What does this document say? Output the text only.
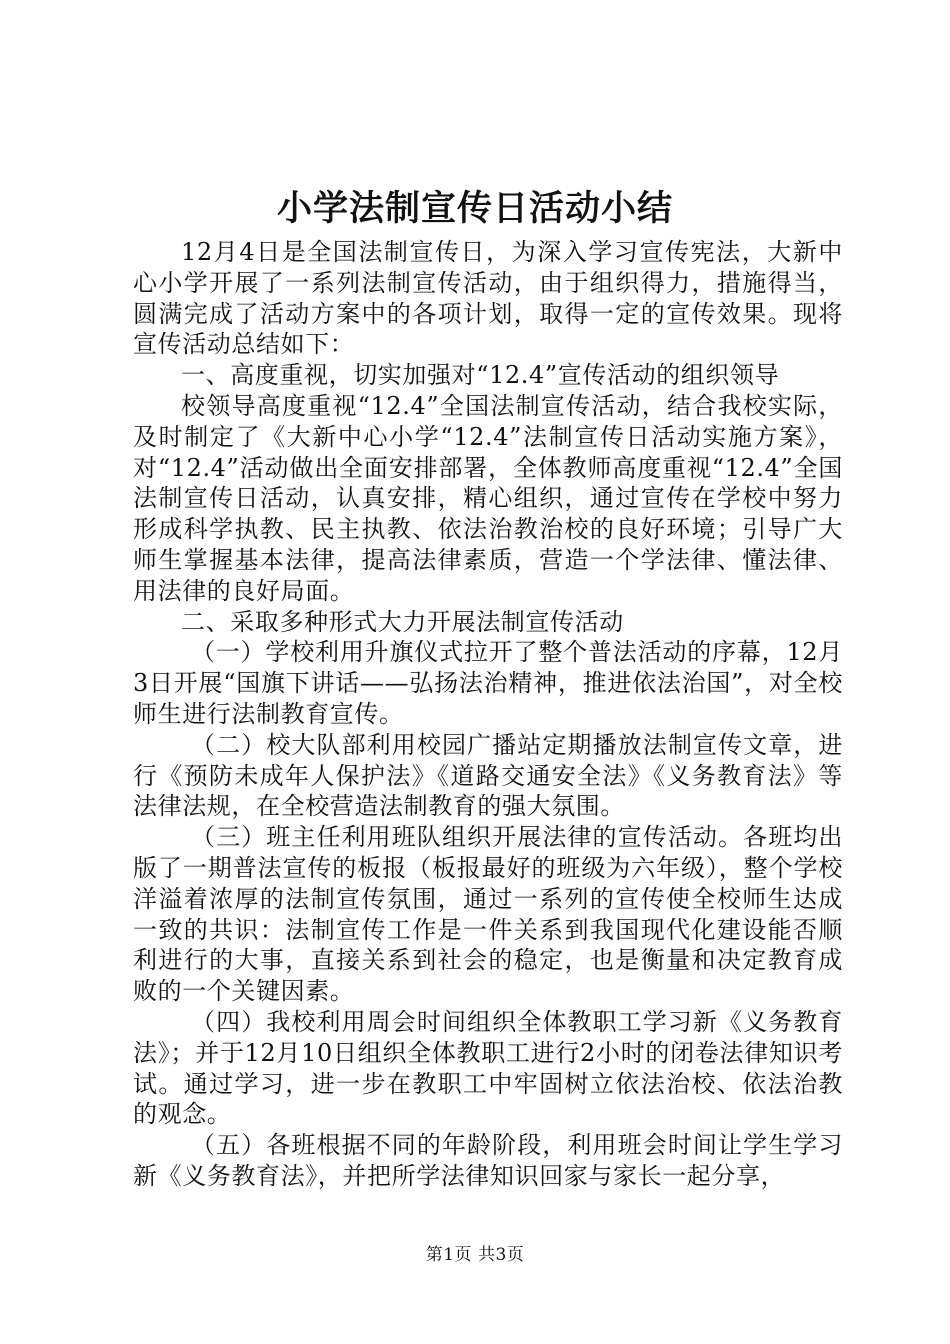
小学法制宣传日活动小结

12月4日是全国法制宣传日，为深入学习宣传宪法，大新中心小学开展了一系列法制宣传活动，由于组织得力，措施得当，圆满完成了活动方案中的各项计划，取得一定的宣传效果。现将宣传活动总结如下：

一、高度重视，切实加强对“12.4”宣传活动的组织领导

校领导高度重视“12.4”全国法制宣传活动，结合我校实际，及时制定了《大新中心小学“12.4”法制宣传日活动实施方案》，对“12.4”活动做出全面安排部署，全体教师高度重视“12.4”全国法制宣传日活动，认真安排，精心组织，通过宣传在学校中努力形成科学执教、民主执教、依法治教治校的良好环境；引导广大师生掌握基本法律，提高法律素质，营造一个学法律、懂法律、用法律的良好局面。

二、采取多种形式大力开展法制宣传活动

（一）学校利用升旗仪式拉开了整个普法活动的序幕，12月3日开展“国旗下讲话——弘扬法治精神，推进依法治国”，对全校师生进行法制教育宣传。

（二）校大队部利用校园广播站定期播放法制宣传文章，进行《预防未成年人保护法》《道路交通安全法》《义务教育法》等法律法规，在全校营造法制教育的强大氛围。

（三）班主任利用班队组织开展法律的宣传活动。各班均出版了一期普法宣传的板报（板报最好的班级为六年级），整个学校洋溢着浓厚的法制宣传氛围，通过一系列的宣传使全校师生达成一致的共识：法制宣传工作是一件关系到我国现代化建设能否顺利进行的大事，直接关系到社会的稳定，也是衡量和决定教育成败的一个关键因素。

（四）我校利用周会时间组织全体教职工学习新《义务教育法》；并于12月10日组织全体教职工进行2小时的闭卷法律知识考试。通过学习，进一步在教职工中牢固树立依法治校、依法治教的观念。

（五）各班根据不同的年龄阶段，利用班会时间让学生学习新《义务教育法》，并把所学法律知识回家与家长一起分享，

第1页 共3页
